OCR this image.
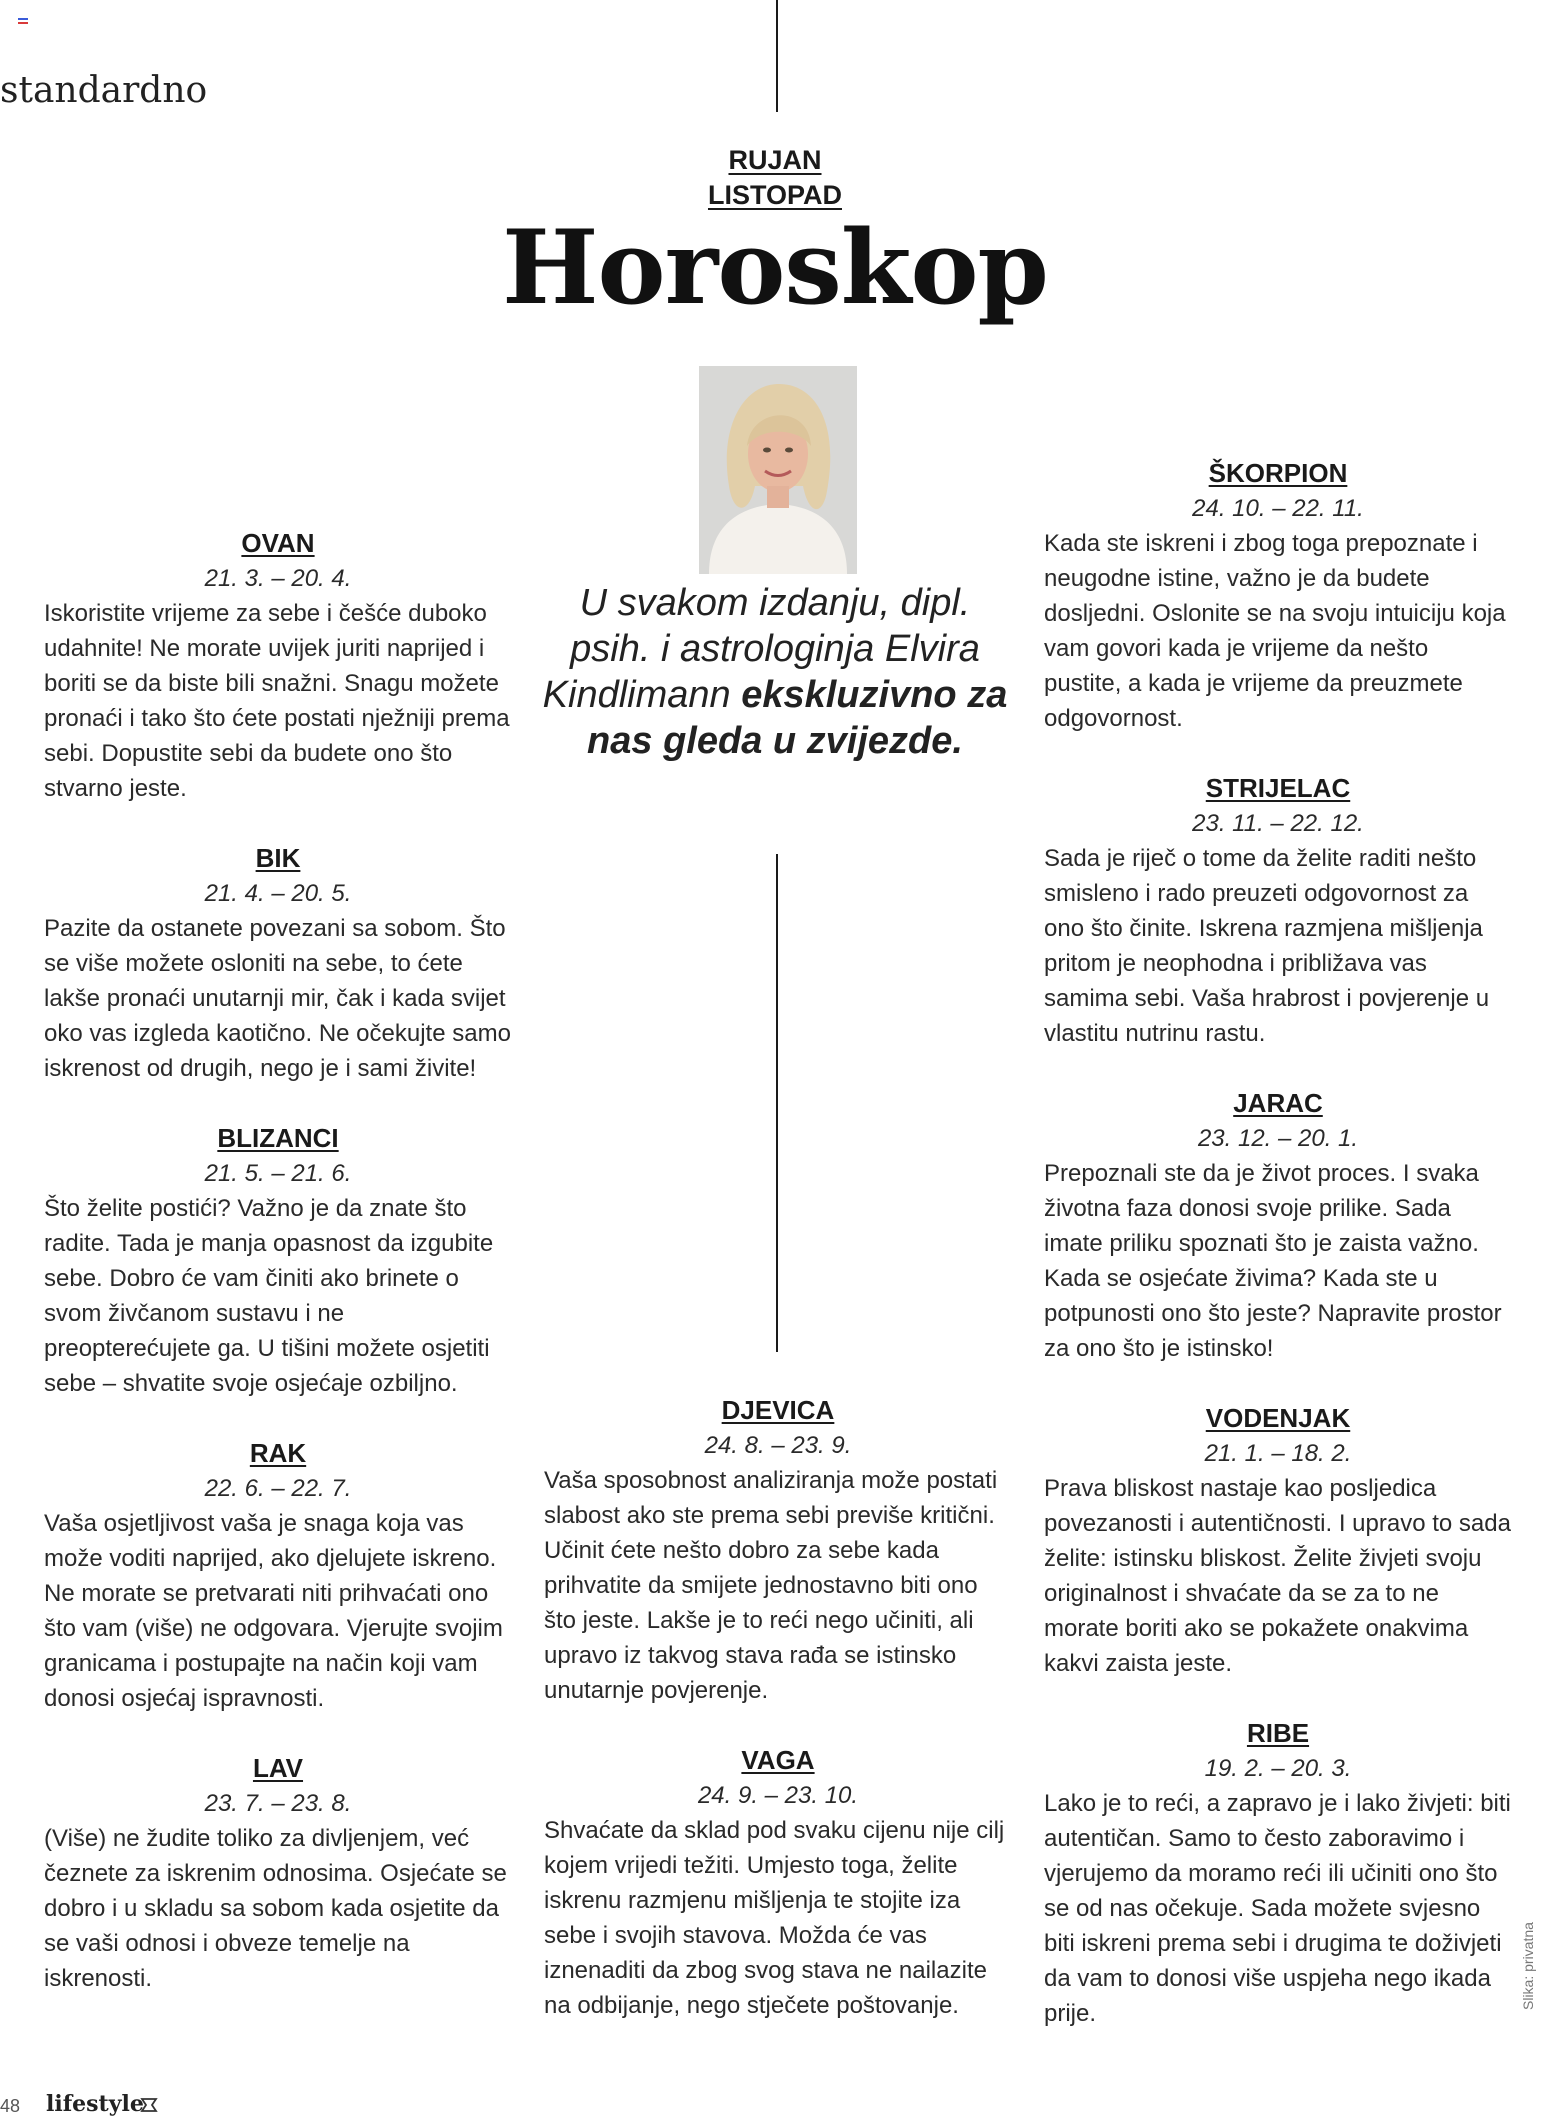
standardno
RUJAN
LISTOPAD
Horoskop
U svakom izdanju, dipl. psih. i astrologinja Elvira Kindlimann ekskluzivno za nas gleda u zvijezde.
OVAN
21. 3. – 20. 4.
Iskoristite vrijeme za sebe i češće duboko udahnite! Ne morate uvijek juriti naprijed i boriti se da biste bili snažni. Snagu možete pronaći i tako što ćete postati nježniji prema sebi. Dopustite sebi da budete ono što stvarno jeste.
BIK
21. 4. – 20. 5.
Pazite da ostanete povezani sa sobom. Što se više možete osloniti na sebe, to ćete lakše pronaći unutarnji mir, čak i kada svijet oko vas izgleda kaotično. Ne očekujte samo iskrenost od drugih, nego je i sami živite!
BLIZANCI
21. 5. – 21. 6.
Što želite postići? Važno je da znate što radite. Tada je manja opasnost da izgubite sebe. Dobro će vam činiti ako brinete o svom živčanom sustavu i ne preopterećujete ga. U tišini možete osjetiti sebe – shvatite svoje osjećaje ozbiljno.
RAK
22. 6. – 22. 7.
Vaša osjetljivost vaša je snaga koja vas može voditi naprijed, ako djelujete iskreno. Ne morate se pretvarati niti prihvaćati ono što vam (više) ne odgovara. Vjerujte svojim granicama i postupajte na način koji vam donosi osjećaj ispravnosti.
LAV
23. 7. – 23. 8.
(Više) ne žudite toliko za divljenjem, već čeznete za iskrenim odnosima. Osjećate se dobro i u skladu sa sobom kada osjetite da se vaši odnosi i obveze temelje na iskrenosti.
DJEVICA
24. 8. – 23. 9.
Vaša sposobnost analiziranja može postati slabost ako ste prema sebi previše kritični. Učinit ćete nešto dobro za sebe kada prihvatite da smijete jednostavno biti ono što jeste. Lakše je to reći nego učiniti, ali upravo iz takvog stava rađa se istinsko unutarnje povjerenje.
VAGA
24. 9. – 23. 10.
Shvaćate da sklad pod svaku cijenu nije cilj kojem vrijedi težiti. Umjesto toga, želite iskrenu razmjenu mišljenja te stojite iza sebe i svojih stavova. Možda će vas iznenaditi da zbog svog stava ne nailazite na odbijanje, nego stječete poštovanje.
ŠKORPION
24. 10. – 22. 11.
Kada ste iskreni i zbog toga prepoznate i neugodne istine, važno je da budete dosljedni. Oslonite se na svoju intuiciju koja vam govori kada je vrijeme da nešto pustite, a kada je vrijeme da preuzmete odgovornost.
STRIJELAC
23. 11. – 22. 12.
Sada je riječ o tome da želite raditi nešto smisleno i rado preuzeti odgovornost za ono što činite. Iskrena razmjena mišljenja pritom je neophodna i približava vas samima sebi. Vaša hrabrost i povjerenje u vlastitu nutrinu rastu.
JARAC
23. 12. – 20. 1.
Prepoznali ste da je život proces. I svaka životna faza donosi svoje prilike. Sada imate priliku spoznati što je zaista važno. Kada se osjećate živima? Kada ste u potpunosti ono što jeste? Napravite prostor za ono što je istinsko!
VODENJAK
21. 1. – 18. 2.
Prava bliskost nastaje kao posljedica povezanosti i autentičnosti. I upravo to sada želite: istinsku bliskost. Želite živjeti svoju originalnost i shvaćate da se za to ne morate boriti ako se pokažete onakvima kakvi zaista jeste.
RIBE
19. 2. – 20. 3.
Lako je to reći, a zapravo je i lako živjeti: biti autentičan. Samo to često zaboravimo i vjerujemo da moramo reći ili učiniti ono što se od nas očekuje. Sada možete svjesno biti iskreni prema sebi i drugima te doživjeti da vam to donosi više uspjeha nego ikada prije.
Slika: privatna
48 lifestyle
